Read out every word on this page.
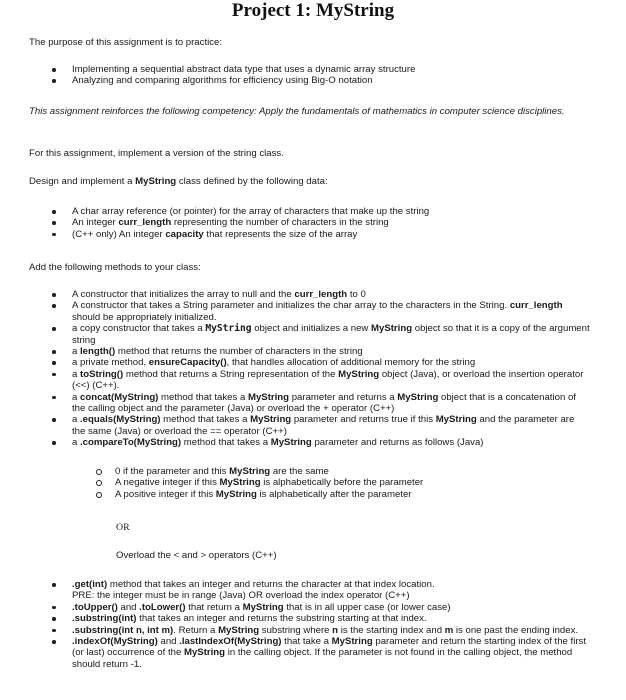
Project 1: MyString
The purpose of this assignment is to practice:
Implementing a sequential abstract data type that uses a dynamic array structure
Analyzing and comparing algorithms for efficiency using Big-O notation
This assignment reinforces the following competency: Apply the fundamentals of mathematics in computer science disciplines.
For this assignment, implement a version of the string class.
Design and implement a MyString class defined by the following data:
A char array reference (or pointer) for the array of characters that make up the string
An integer curr_length representing the number of characters in the string
(C++ only) An integer capacity that represents the size of the array
Add the following methods to your class:
A constructor that initializes the array to null and the curr_length to 0
A constructor that takes a String parameter and initializes the char array to the characters in the String. curr_length should be appropriately initialized.
a copy constructor that takes a MyString object and initializes a new MyString object so that it is a copy of the argument string
a length() method that returns the number of characters in the string
a private method, ensureCapacity(), that handles allocation of additional memory for the string
a toString() method that returns a String representation of the MyString object (Java), or overload the insertion operator (<<) (C++).
a concat(MyString) method that takes a MyString parameter and returns a MyString object that is a concatenation of the calling object and the parameter (Java) or overload the + operator (C++)
a .equals(MyString) method that takes a MyString parameter and returns true if this MyString and the parameter are the same (Java) or overload the == operator (C++)
a .compareTo(MyString) method that takes a MyString parameter and returns as follows (Java)
0 if the parameter and this MyString are the same
A negative integer if this MyString is alphabetically before the parameter
A positive integer if this MyString is alphabetically after the parameter
OR
Overload the < and > operators (C++)
.get(int) method that takes an integer and returns the character at that index location.
PRE: the integer must be in range (Java) OR overload the index operator (C++)
.toUpper() and .toLower() that return a MyString that is in all upper case (or lower case)
.substring(int) that takes an integer and returns the substring starting at that index.
.substring(int n, int m). Return a MyString substring where n is the starting index and m is one past the ending index.
.indexOf(MyString) and .lastIndexOf(MyString) that take a MyString parameter and return the starting index of the first (or last) occurrence of the MyString in the calling object. If the parameter is not found in the calling object, the method should return -1.
